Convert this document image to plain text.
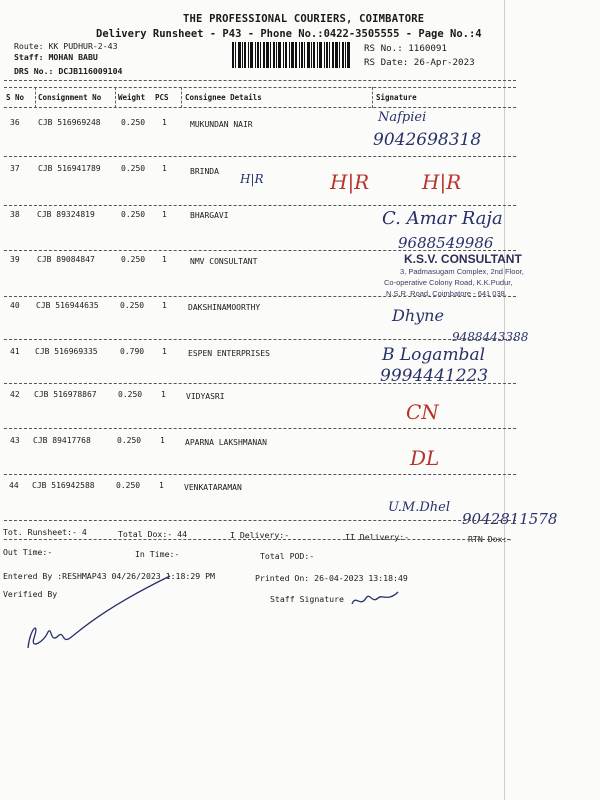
THE PROFESSIONAL COURIERS, COIMBATORE
Delivery Runsheet - P43 - Phone No.:0422-3505555 - Page No.:4
Route: KK PUDHUR-2-43
Staff: MOHAN BABU
DRS No.: DCJB116009104
RS No.: 1160091
RS Date: 26-Apr-2023
S No Consignment No Weight PCS Consignee Details	Signature
36 CJB 516969248	0.250 1	MUKUNDAN NAIR	Nafpiei
9042698318
37 CJB 516941789	0.250 1	BRINDA
H|R	H|R	H|R
38 CJB 89324819	0.250 1	BHARGAVI	C. Amar Raja
39 CJB 89084847	0.250 1	NMV CONSULTANT
9688549986
K.S.V. CONSULTANT
3, Padmasugam Complex, 2nd Floor,
Co-operative Colony Road, K.K.Pudur,
N.S.R. Road, Coimbatore - 641 038.
40 CJB 516944635	0.250 1	DAKSHINAMOORTHY	Dhyne
9488443388
41 CJB 516969335	0.790 1	ESPEN ENTERPRISES	B Logambal
9994441223
42 CJB 516978867	0.250 1	VIDYASRI
CN
43 CJB 89417768	0.250 1	APARNA LAKSHMANAN
DL
44 CJB 516942588	0.250 1	VENKATARAMAN
U.M.Dhel
9042811578
Tot. Runsheet:- 4	Total Dox:- 44	I Delivery:-	II Delivery:-	RTN Dox:-
Out Time:-	In Time:-	Total POD:-
Entered By :RESHMAP43 04/26/2023 1:18:29 PM	Printed On: 26-04-2023 13:18:49
Verified By	Staff Signature
